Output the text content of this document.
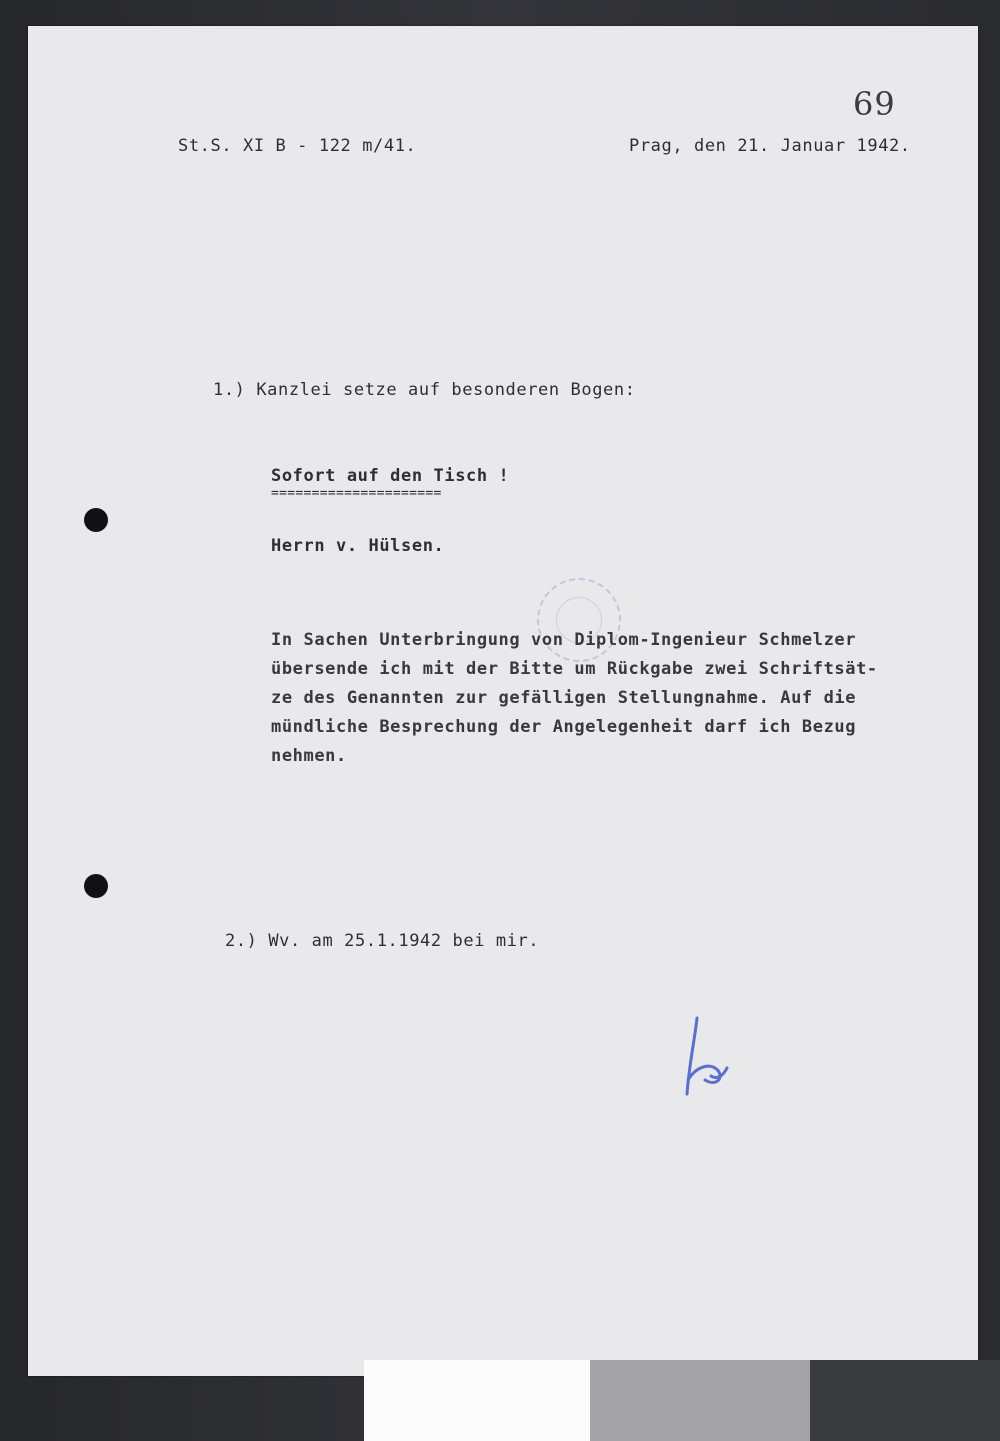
69
St.S. XI B - 122 m/41.	Prag, den 21. Januar 1942.
1.) Kanzlei setze auf besonderen Bogen:
Sofort auf den Tisch !
=====================
Herrn v. Hülsen.
In Sachen Unterbringung von Diplom-Ingenieur Schmelzer
übersende ich mit der Bitte um Rückgabe zwei Schriftsät-
ze des Genannten zur gefälligen Stellungnahme. Auf die
mündliche Besprechung der Angelegenheit darf ich Bezug
nehmen.
2.) Wv. am 25.1.1942 bei mir.
